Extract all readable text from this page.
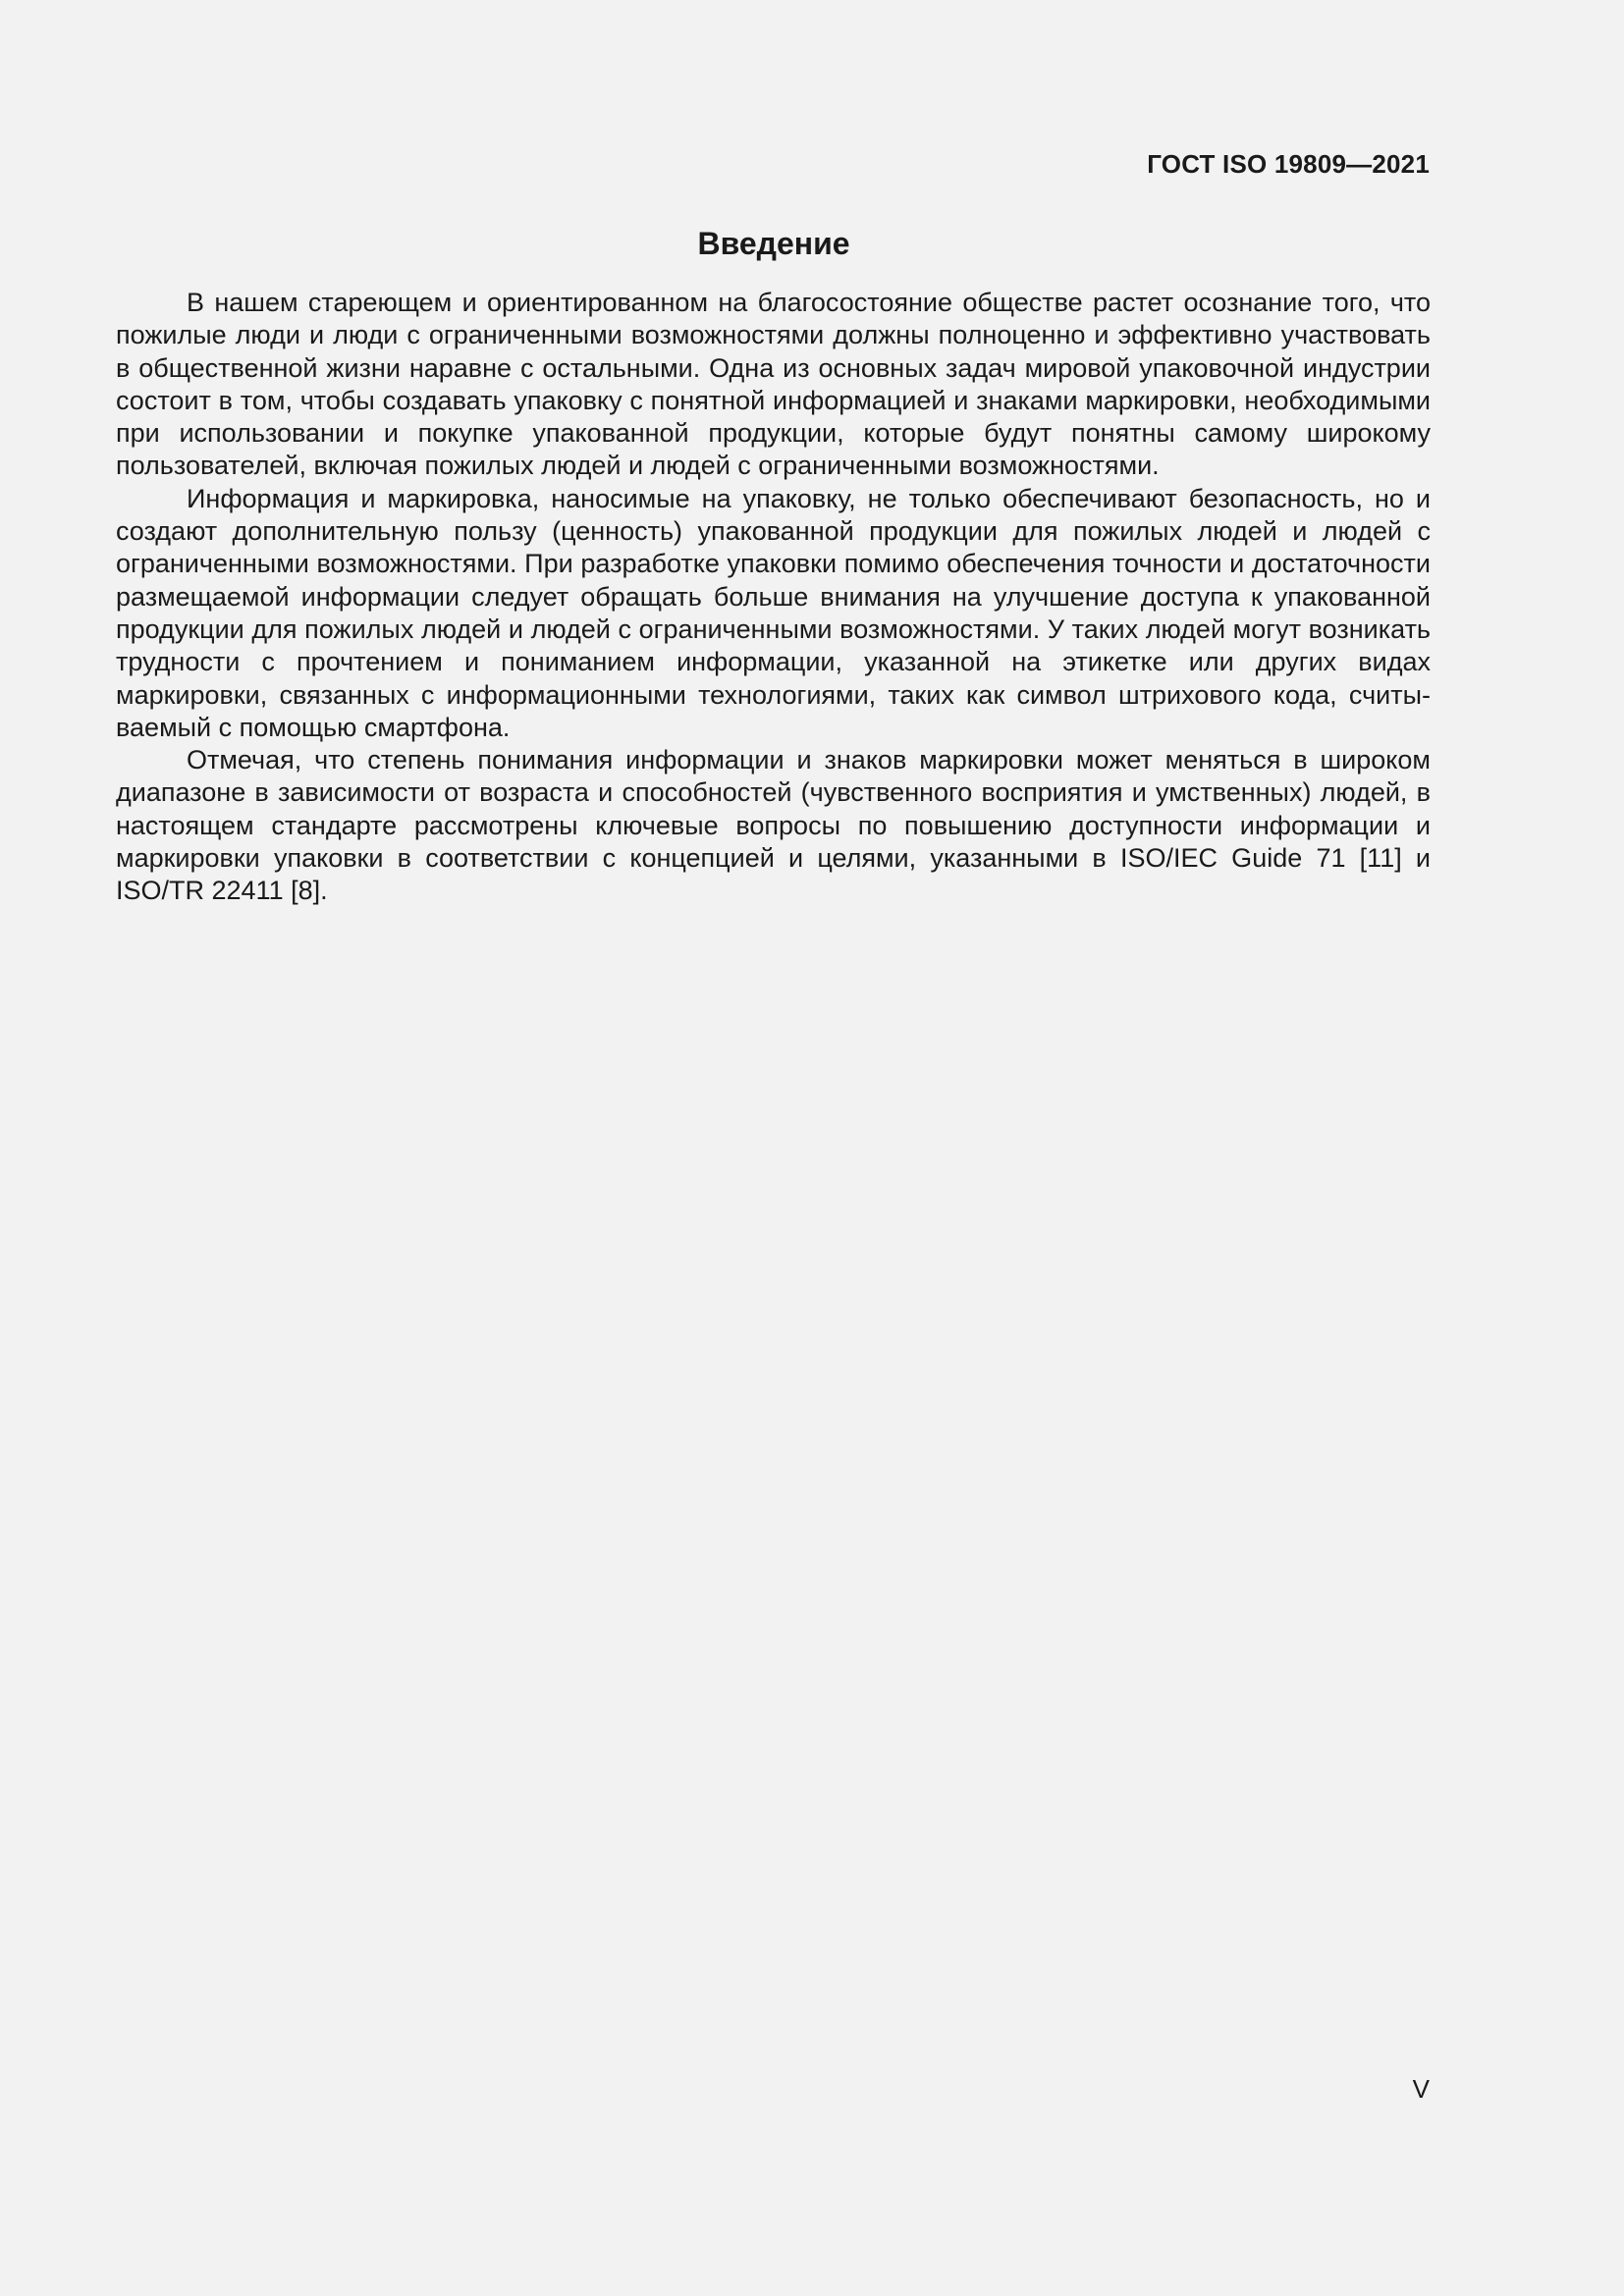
ГОСТ ISO 19809—2021
Введение

В нашем стареющем и ориентированном на благосостояние обществе растет осознание того, что пожилые люди и люди с ограниченными возможностями должны полноценно и эффективно участвовать в общественной жизни наравне с остальными. Одна из основных задач мировой упаковочной индустрии состоит в том, чтобы создавать упаковку с понятной информацией и знаками маркировки, необходимыми при использовании и покупке упакованной продукции, которые будут понятны самому широкому пользователей, включая пожилых людей и людей с ограниченными возможностями.

Информация и маркировка, наносимые на упаковку, не только обеспечивают безопасность, но и создают дополнительную пользу (ценность) упакованной продукции для пожилых людей и людей с ограниченными возможностями. При разработке упаковки помимо обеспечения точности и достаточности размещаемой информации следует обращать больше внимания на улучшение доступа к упакованной продукции для пожилых людей и людей с ограниченными возможностями. У таких людей могут возникать трудности с прочтением и пониманием информации, указанной на этикетке или других видах маркировки, связанных с информационными технологиями, таких как символ штрихового кода, считываемый с помощью смартфона.

Отмечая, что степень понимания информации и знаков маркировки может меняться в широком диапазоне в зависимости от возраста и способностей (чувственного восприятия и умственных) людей, в настоящем стандарте рассмотрены ключевые вопросы по повышению доступности информации и маркировки упаковки в соответствии с концепцией и целями, указанными в ISO/IEC Guide 71 [11] и ISO/TR 22411 [8].

V
